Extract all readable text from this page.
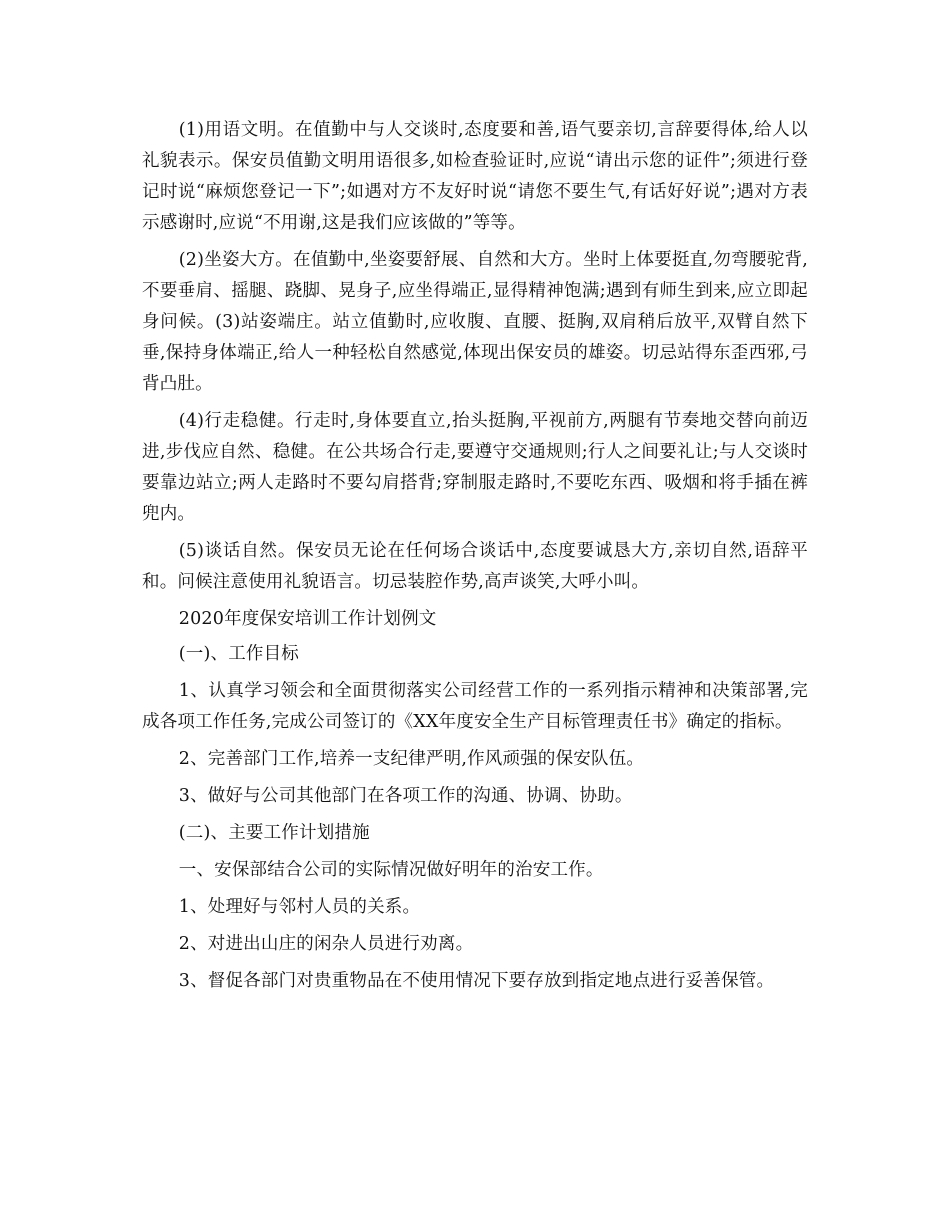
(1)用语文明。在值勤中与人交谈时,态度要和善,语气要亲切,言辞要得体,给人以礼貌表示。保安员值勤文明用语很多,如检查验证时,应说“请出示您的证件”;须进行登记时说“麻烦您登记一下”;如遇对方不友好时说“请您不要生气,有话好好说”;遇对方表示感谢时,应说“不用谢,这是我们应该做的”等等。

(2)坐姿大方。在值勤中,坐姿要舒展、自然和大方。坐时上体要挺直,勿弯腰驼背,不要垂肩、摇腿、跷脚、晃身子,应坐得端正,显得精神饱满;遇到有师生到来,应立即起身问候。(3)站姿端庄。站立值勤时,应收腹、直腰、挺胸,双肩稍后放平,双臂自然下垂,保持身体端正,给人一种轻松自然感觉,体现出保安员的雄姿。切忌站得东歪西邪,弓背凸肚。

(4)行走稳健。行走时,身体要直立,抬头挺胸,平视前方,两腿有节奏地交替向前迈进,步伐应自然、稳健。在公共场合行走,要遵守交通规则;行人之间要礼让;与人交谈时要靠边站立;两人走路时不要勾肩搭背;穿制服走路时,不要吃东西、吸烟和将手插在裤兜内。

(5)谈话自然。保安员无论在任何场合谈话中,态度要诚恳大方,亲切自然,语辞平和。问候注意使用礼貌语言。切忌装腔作势,高声谈笑,大呼小叫。

2020年度保安培训工作计划例文

(一)、工作目标

1、认真学习领会和全面贯彻落实公司经营工作的一系列指示精神和决策部署,完成各项工作任务,完成公司签订的《XX年度安全生产目标管理责任书》确定的指标。

2、完善部门工作,培养一支纪律严明,作风顽强的保安队伍。

3、做好与公司其他部门在各项工作的沟通、协调、协助。

(二)、主要工作计划措施

一、安保部结合公司的实际情况做好明年的治安工作。

1、处理好与邻村人员的关系。

2、对进出山庄的闲杂人员进行劝离。

3、督促各部门对贵重物品在不使用情况下要存放到指定地点进行妥善保管。
